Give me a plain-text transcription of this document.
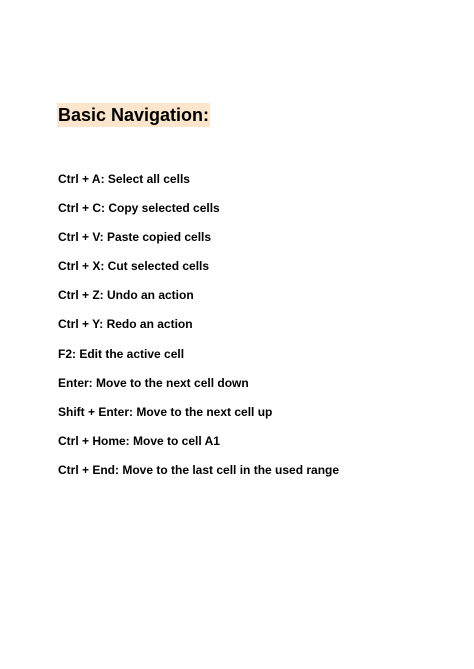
Basic Navigation:
Ctrl + A: Select all cells
Ctrl + C: Copy selected cells
Ctrl + V: Paste copied cells
Ctrl + X: Cut selected cells
Ctrl + Z: Undo an action
Ctrl + Y: Redo an action
F2: Edit the active cell
Enter: Move to the next cell down
Shift + Enter: Move to the next cell up
Ctrl + Home: Move to cell A1
Ctrl + End: Move to the last cell in the used range
